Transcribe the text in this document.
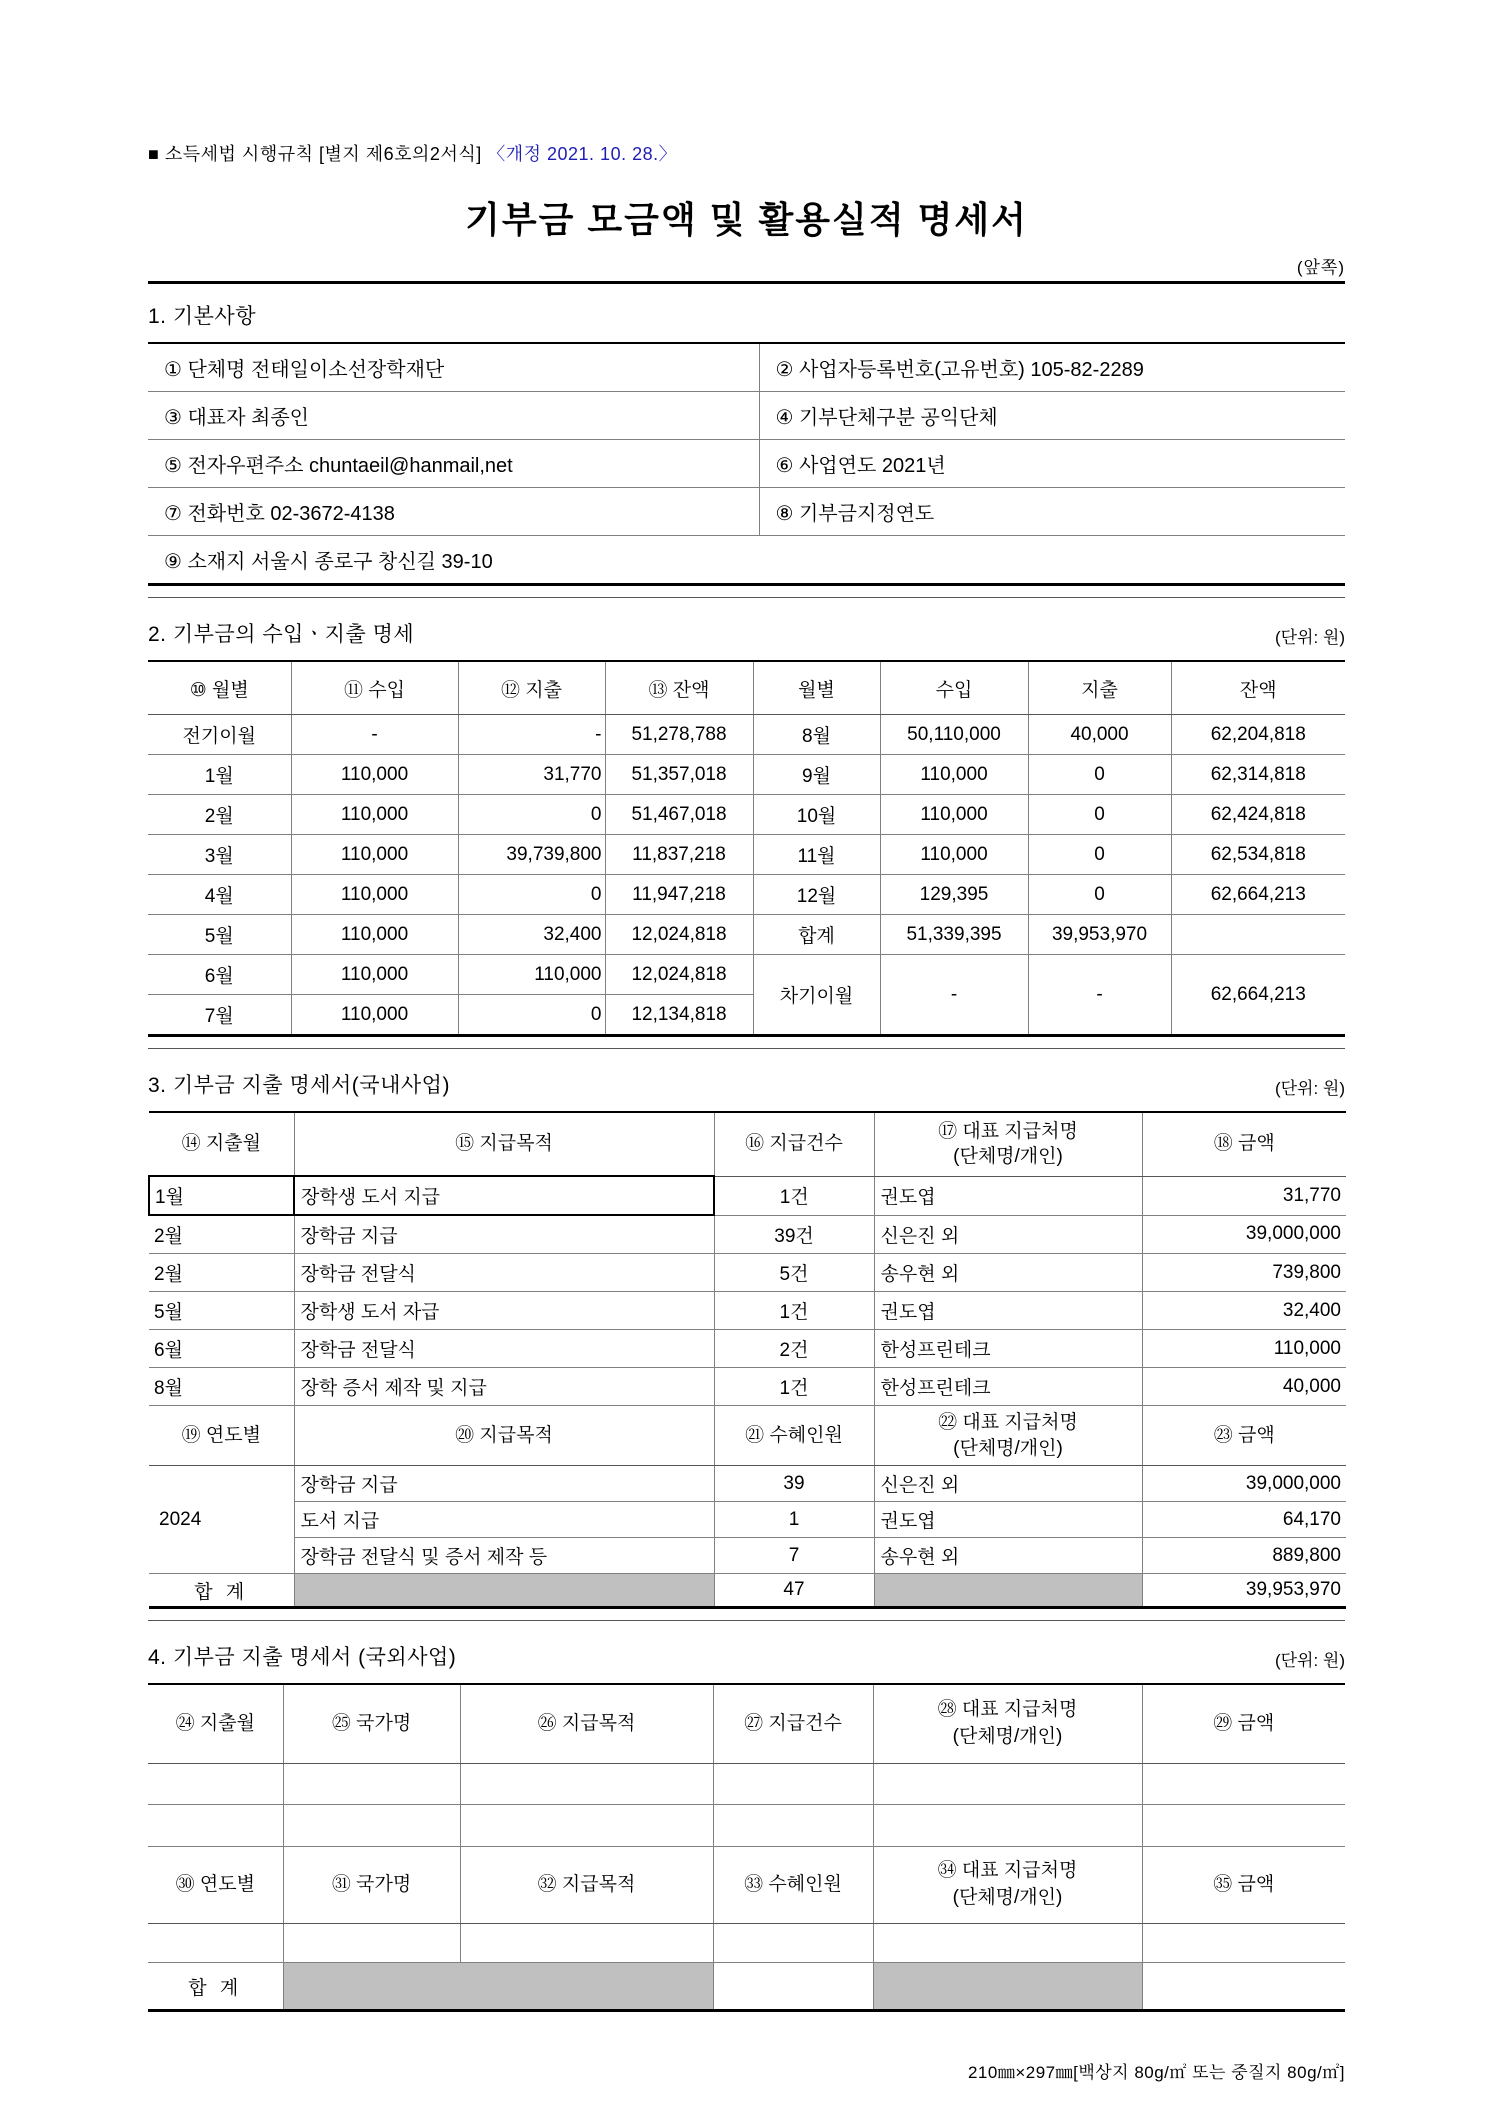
■ 소득세법 시행규칙 [별지 제6호의2서식] 〈개정 2021. 10. 28.〉
기부금 모금액 및 활용실적 명세서
(앞쪽)
1. 기본사항
① 단체명 전태일이소선장학재단	② 사업자등록번호(고유번호) 105-82-2289
③ 대표자 최종인	④ 기부단체구분 공익단체
⑤ 전자우편주소 chuntaeil@hanmail,net	⑥ 사업연도 2021년
⑦ 전화번호 02-3672-4138	⑧ 기부금지정연도
⑨ 소재지 서울시 종로구 창신길 39-10	
2. 기부금의 수입ㆍ지출 명세	(단위: 원)
⑩ 월별	⑪ 수입	⑫ 지출	⑬ 잔액	월별	수입	지출	잔액
전기이월	-	-	51,278,788	8월	50,110,000	40,000	62,204,818
1월	110,000	31,770	51,357,018	9월	110,000	0	62,314,818
2월	110,000	0	51,467,018	10월	110,000	0	62,424,818
3월	110,000	39,739,800	11,837,218	11월	110,000	0	62,534,818
4월	110,000	0	11,947,218	12월	129,395	0	62,664,213
5월	110,000	32,400	12,024,818	합계	51,339,395	39,953,970	
6월	110,000	110,000	12,024,818	차기이월	-	-	62,664,213
7월	110,000	0	12,134,818				
3. 기부금 지출 명세서(국내사업)	(단위: 원)
⑭ 지출월	⑮ 지급목적	⑯ 지급건수	⑰ 대표 지급처명
(단체명/개인)	⑱ 금액
1월	장학생 도서 지급	1건	권도엽	31,770
2월	장학금 지급	39건	신은진 외	39,000,000
2월	장학금 전달식	5건	송우현 외	739,800
5월	장학생 도서 자급	1건	권도엽	32,400
6월	장학금 전달식	2건	한성프린테크	110,000
8월	장학 증서 제작 및 지급	1건	한성프린테크	40,000
⑲ 연도별	⑳ 지급목적	㉑ 수혜인원	㉒ 대표 지급처명
(단체명/개인)	㉓ 금액
2024	장학금 지급	39	신은진 외	39,000,000
	도서 지급	1	권도엽	64,170
	장학금 전달식 및 증서 제작 등	7	송우현 외	889,800
합 계		47		39,953,970
4. 기부금 지출 명세서 (국외사업)	(단위: 원)
㉔ 지출월	㉕ 국가명	㉖ 지급목적	㉗ 지급건수	㉘ 대표 지급처명
(단체명/개인)	㉙ 금액

㉚ 연도별	㉛ 국가명	㉜ 지급목적	㉝ 수혜인원	㉞ 대표 지급처명
(단체명/개인)	㉟ 금액

합 계					
210㎜×297㎜[백상지 80g/㎡ 또는 중질지 80g/㎡]
